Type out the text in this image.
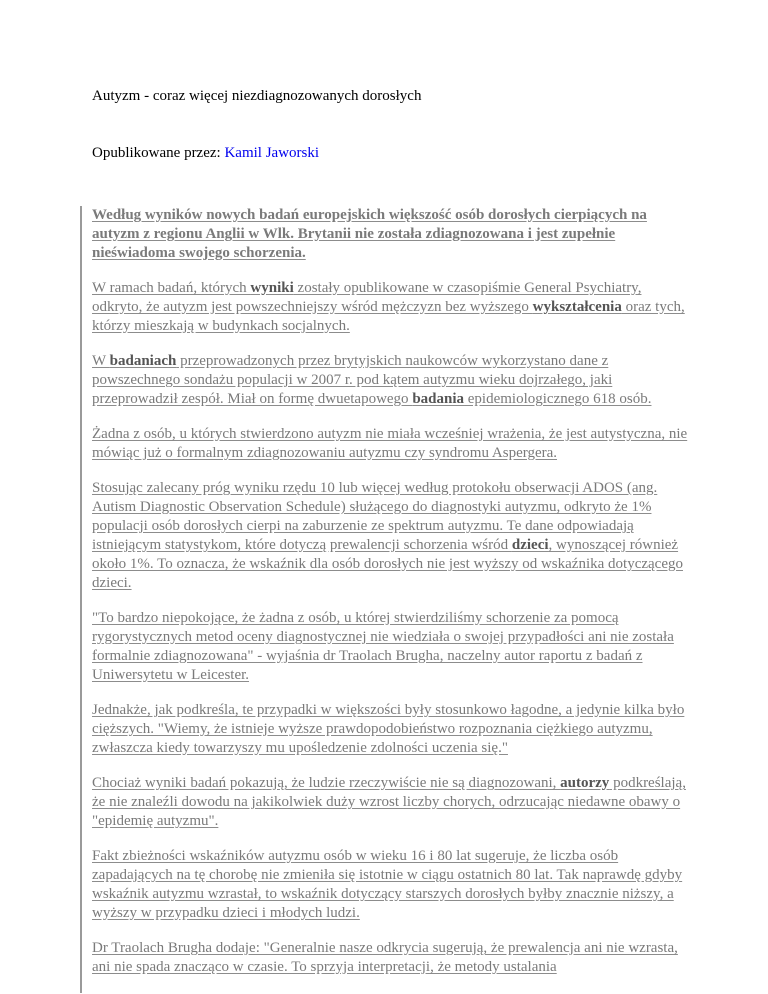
Autyzm - coraz więcej niezdiagnozowanych dorosłych
Opublikowane przez: Kamil Jaworski

Według wyników nowych badań europejskich większość osób dorosłych cierpiących na autyzm z regionu Anglii w Wlk. Brytanii nie została zdiagnozowana i jest zupełnie nieświadoma swojego schorzenia.

W ramach badań, których wyniki zostały opublikowane w czasopiśmie General Psychiatry, odkryto, że autyzm jest powszechniejszy wśród mężczyzn bez wyższego wykształcenia oraz tych, którzy mieszkają w budynkach socjalnych.

W badaniach przeprowadzonych przez brytyjskich naukowców wykorzystano dane z powszechnego sondażu populacji w 2007 r. pod kątem autyzmu wieku dojrzałego, jaki przeprowadził zespół. Miał on formę dwuetapowego badania epidemiologicznego 618 osób.

Żadna z osób, u których stwierdzono autyzm nie miała wcześniej wrażenia, że jest autystyczna, nie mówiąc już o formalnym zdiagnozowaniu autyzmu czy syndromu Aspergera.

Stosując zalecany próg wyniku rzędu 10 lub więcej według protokołu obserwacji ADOS (ang. Autism Diagnostic Observation Schedule) służącego do diagnostyki autyzmu, odkryto że 1% populacji osób dorosłych cierpi na zaburzenie ze spektrum autyzmu. Te dane odpowiadają istniejącym statystykom, które dotyczą prewalencji schorzenia wśród dzieci, wynoszącej również około 1%. To oznacza, że wskaźnik dla osób dorosłych nie jest wyższy od wskaźnika dotyczącego dzieci.

"To bardzo niepokojące, że żadna z osób, u której stwierdziliśmy schorzenie za pomocą rygorystycznych metod oceny diagnostycznej nie wiedziała o swojej przypadłości ani nie została formalnie zdiagnozowana" - wyjaśnia dr Traolach Brugha, naczelny autor raportu z badań z Uniwersytetu w Leicester.

Jednakże, jak podkreśla, te przypadki w większości były stosunkowo łagodne, a jedynie kilka było cięższych. "Wiemy, że istnieje wyższe prawdopodobieństwo rozpoznania ciężkiego autyzmu, zwłaszcza kiedy towarzyszy mu upośledzenie zdolności uczenia się."

Chociaż wyniki badań pokazują, że ludzie rzeczywiście nie są diagnozowani, autorzy podkreślają, że nie znaleźli dowodu na jakikolwiek duży wzrost liczby chorych, odrzucając niedawne obawy o "epidemię autyzmu".

Fakt zbieżności wskaźników autyzmu osób w wieku 16 i 80 lat sugeruje, że liczba osób zapadających na tę chorobę nie zmieniła się istotnie w ciągu ostatnich 80 lat. Tak naprawdę gdyby wskaźnik autyzmu wzrastał, to wskaźnik dotyczący starszych dorosłych byłby znacznie niższy, a wyższy w przypadku dzieci i młodych ludzi.

Dr Traolach Brugha dodaje: "Generalnie nasze odkrycia sugerują, że prewalencja ani nie wzrasta, ani nie spada znacząco w czasie. To sprzyja interpretacji, że metody ustalania
